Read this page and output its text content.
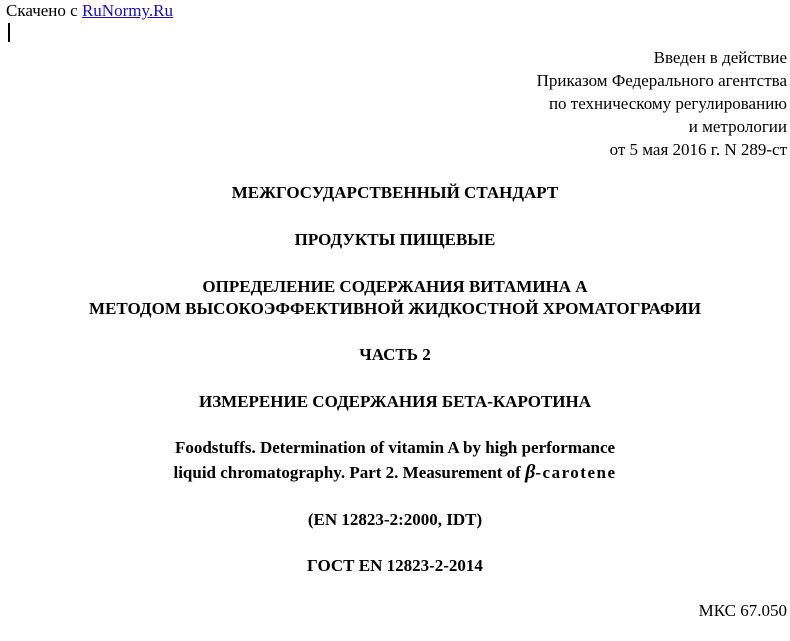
Скачено с RuNormy.Ru
Введен в действие
Приказом Федерального агентства
по техническому регулированию
и метрологии
от 5 мая 2016 г. N 289-ст
МЕЖГОСУДАРСТВЕННЫЙ СТАНДАРТ
ПРОДУКТЫ ПИЩЕВЫЕ
ОПРЕДЕЛЕНИЕ СОДЕРЖАНИЯ ВИТАМИНА А
МЕТОДОМ ВЫСОКОЭФФЕКТИВНОЙ ЖИДКОСТНОЙ ХРОМАТОГРАФИИ
ЧАСТЬ 2
ИЗМЕРЕНИЕ СОДЕРЖАНИЯ БЕТА-КАРОТИНА
Foodstuffs. Determination of vitamin A by high performance
liquid chromatography. Part 2. Measurement of β-carotene
(EN 12823-2:2000, IDT)
ГОСТ EN 12823-2-2014
МКС 67.050
